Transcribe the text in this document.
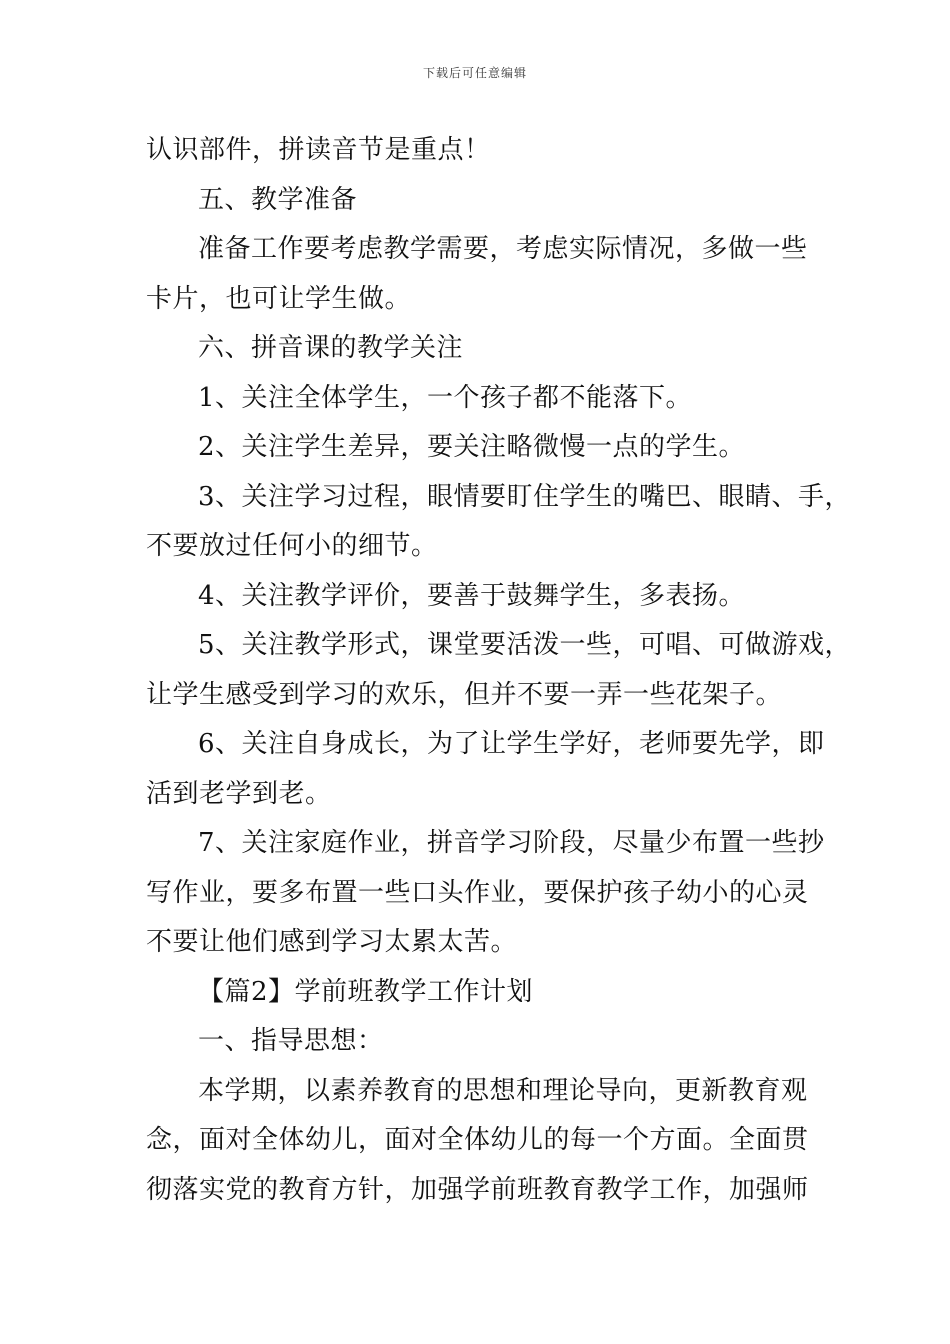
下载后可任意编辑
认识部件，拼读音节是重点！
五、教学准备
准备工作要考虑教学需要，考虑实际情况，多做一些
卡片，也可让学生做。
六、拼音课的教学关注
1、关注全体学生，一个孩子都不能落下。
2、关注学生差异，要关注略微慢一点的学生。
3、关注学习过程，眼情要盯住学生的嘴巴、眼睛、手，
不要放过任何小的细节。
4、关注教学评价，要善于鼓舞学生，多表扬。
5、关注教学形式，课堂要活泼一些，可唱、可做游戏，
让学生感受到学习的欢乐，但并不要一弄一些花架子。
6、关注自身成长，为了让学生学好，老师要先学，即
活到老学到老。
7、关注家庭作业，拼音学习阶段，尽量少布置一些抄
写作业，要多布置一些口头作业，要保护孩子幼小的心灵
不要让他们感到学习太累太苦。
【篇2】学前班教学工作计划
一、指导思想：
本学期，以素养教育的思想和理论导向，更新教育观
念，面对全体幼儿，面对全体幼儿的每一个方面。全面贯
彻落实党的教育方针，加强学前班教育教学工作，加强师
